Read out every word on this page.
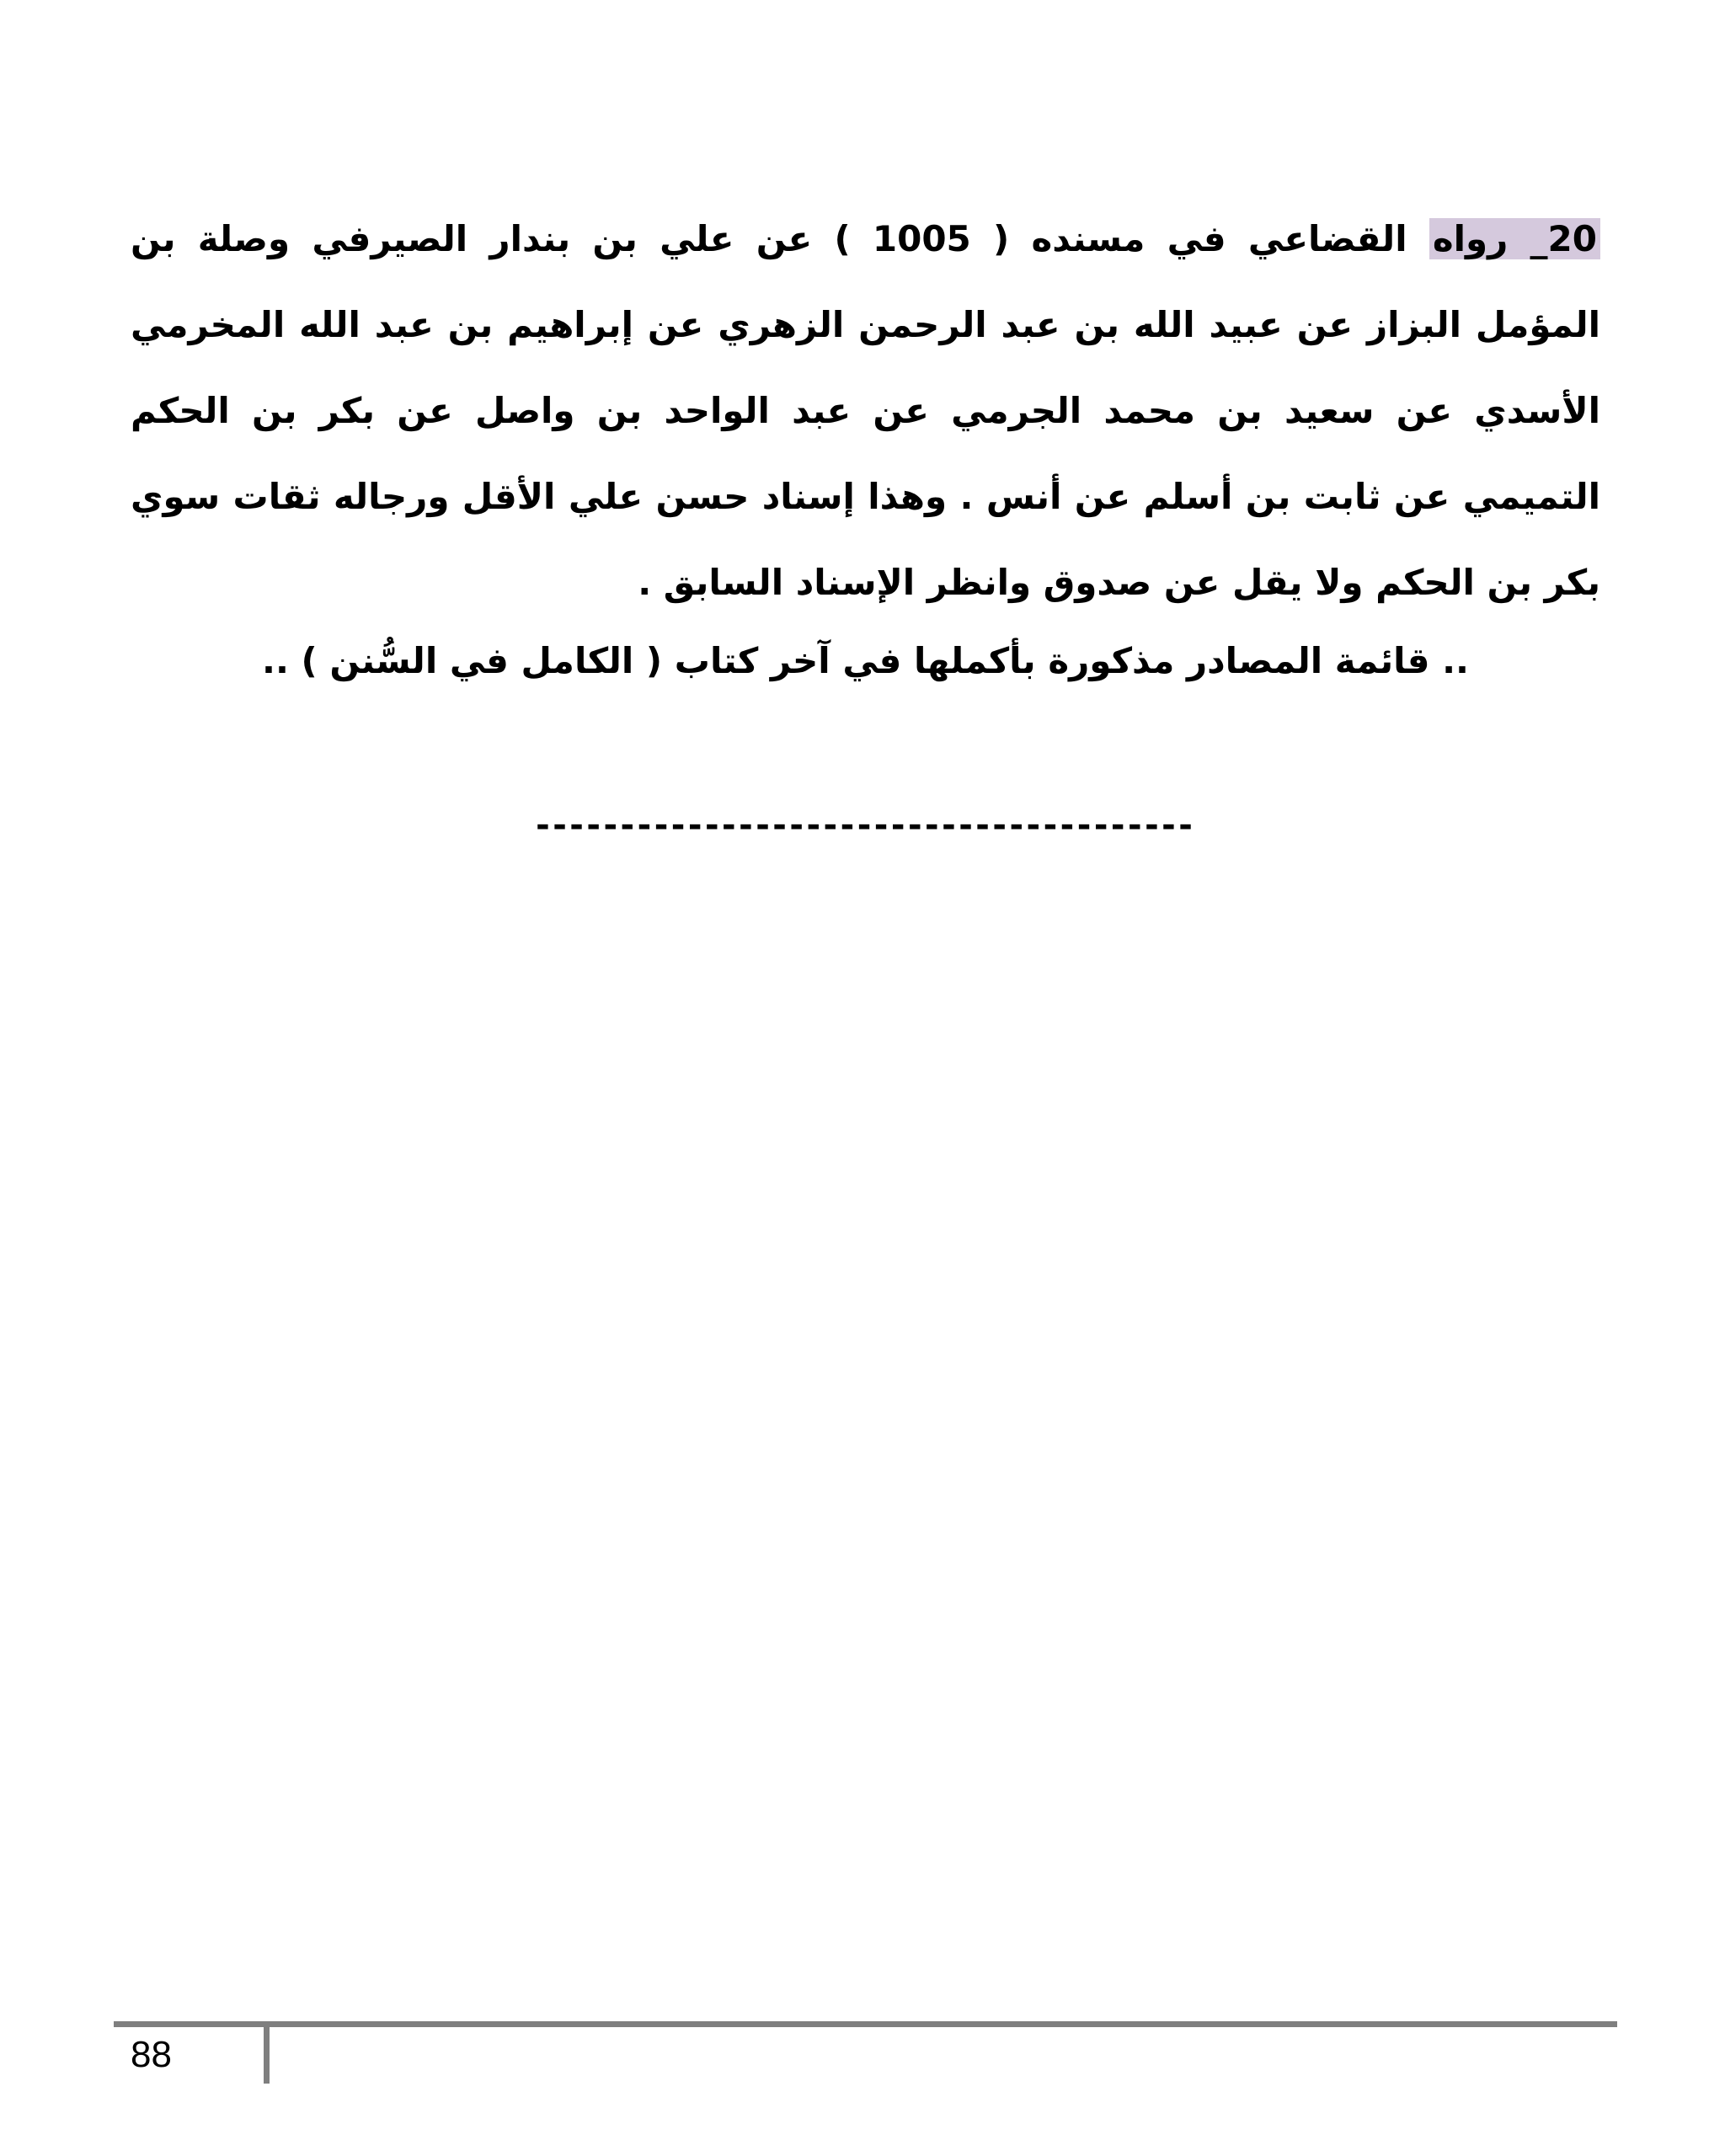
20_ رواه القضاعي في مسنده ( 1005 ) عن علي بن بندار الصيرفي وصلة بن المؤمل البزاز عن عبيد الله بن عبد الرحمن الزهري عن إبراهيم بن عبد الله المخرمي الأسدي عن سعيد بن محمد الجرمي عن عبد الواحد بن واصل عن بكر بن الحكم التميمي عن ثابت بن أسلم عن أنس . وهذا إسناد حسن علي الأقل ورجاله ثقات سوي بكر بن الحكم ولا يقل عن صدوق وانظر الإسناد السابق .
.. قائمة المصادر مذكورة بأكملها في آخر كتاب ( الكامل في السُّنن ) ..
---------------------------------------
88
